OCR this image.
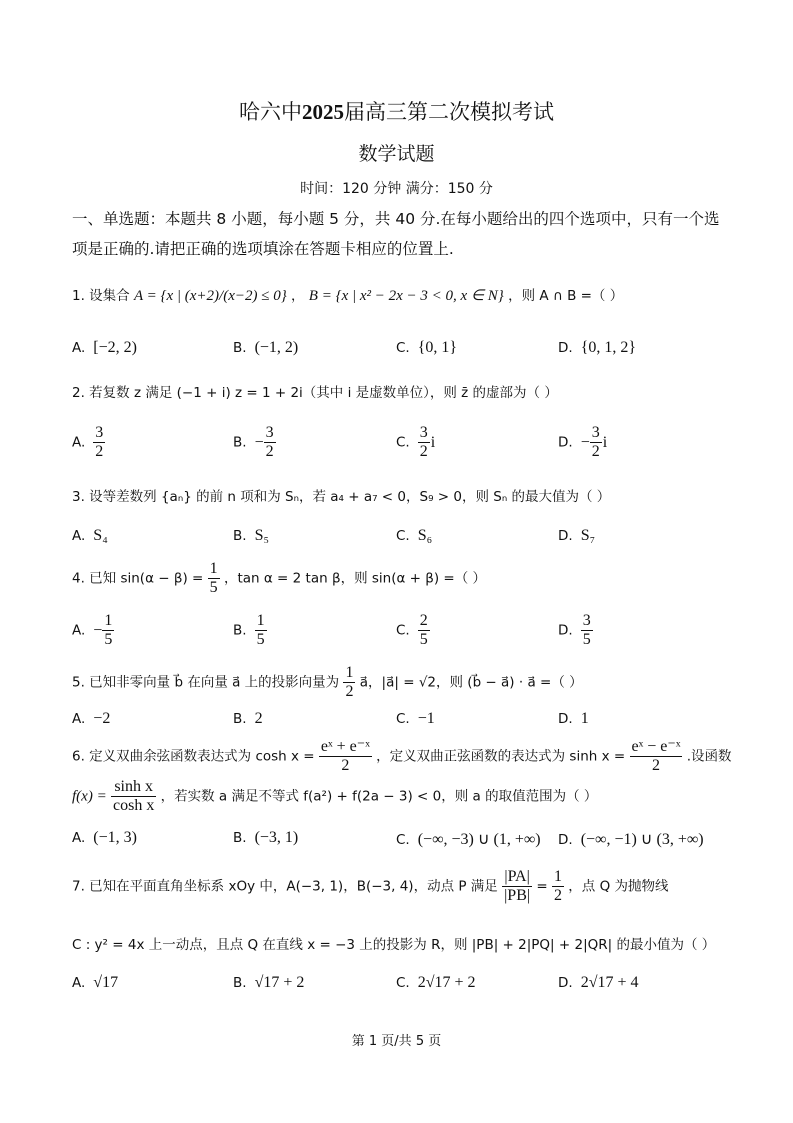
哈六中2025届高三第二次模拟考试
数学试题
时间：120 分钟 满分：150 分
一、单选题：本题共 8 小题，每小题 5 分，共 40 分.在每小题给出的四个选项中，只有一个选
项是正确的.请把正确的选项填涂在答题卡相应的位置上.
1. 设集合 A = {x | (x+2)/(x−2) ≤ 0} ， B = {x | x² − 2x − 3 < 0, x ∈ N} ，则 A ∩ B =（ ）
A. [−2, 2)	B. (−1, 2)	C. {0, 1}	D. {0, 1, 2}
2. 若复数 z 满足 (−1 + i) z = 1 + 2i（其中 i 是虚数单位），则 z̄ 的虚部为（ ）
A. $\frac{3}{2}$	B. − $\frac{3}{2}$	C. $\frac{3}{2}$ i	D. − $\frac{3}{2}$ i
3. 设等差数列 {aₙ} 的前 n 项和为 Sₙ，若 a₄ + a₇ < 0，S₉ > 0，则 Sₙ 的最大值为（ ）
A. S₄	B. S₅	C. S₆	D. S₇
4. 已知 $\sin(\alpha - \beta) = \frac{1}{5}$ ，tan α = 2 tan β，则 sin(α + β) =（ ）
A. − $\frac{1}{5}$	B. $\frac{1}{5}$	C. $\frac{2}{5}$	D. $\frac{3}{5}$
5. 已知非零向量 b⃗ 在向量 a⃗ 上的投影向量为 $\frac{1}{2}$ a⃗，|a⃗| = √2，则 (b⃗ − a⃗) · a⃗ =（ ）
A. −2	B. 2	C. −1	D. 1
6. 定义双曲余弦函数表达式为 $\cosh x = \frac{\text{eˣ + e⁻ˣ}}{2}$ ，定义双曲正弦函数的表达式为 $\sinh x = \frac{\text{eˣ − e⁻ˣ}}{2}$ .设函数
$f(x) = \frac{\text{sinh x}}{\text{cosh x}}$ ，若实数 a 满足不等式 f(a²) + f(2a − 3) < 0，则 a 的取值范围为（ ）
A. (−1, 3)	B. (−3, 1)	C. (−∞, −3) ∪ (1, +∞) D. (−∞, −1) ∪ (3, +∞)
7. 已知在平面直角坐标系 xOy 中，A(−3, 1)，B(−3, 4)，动点 P 满足 $\frac{|PA|}{|PB|} = \frac{1}{2}$ ，点 Q 为抛物线
C : y² = 4x 上一动点，且点 Q 在直线 x = −3 上的投影为 R，则 |PB| + 2|PQ| + 2|QR| 的最小值为（ ）
A. √17	B. √17 + 2	C. 2√17 + 2	D. 2√17 + 4
第 1 页/共 5 页
